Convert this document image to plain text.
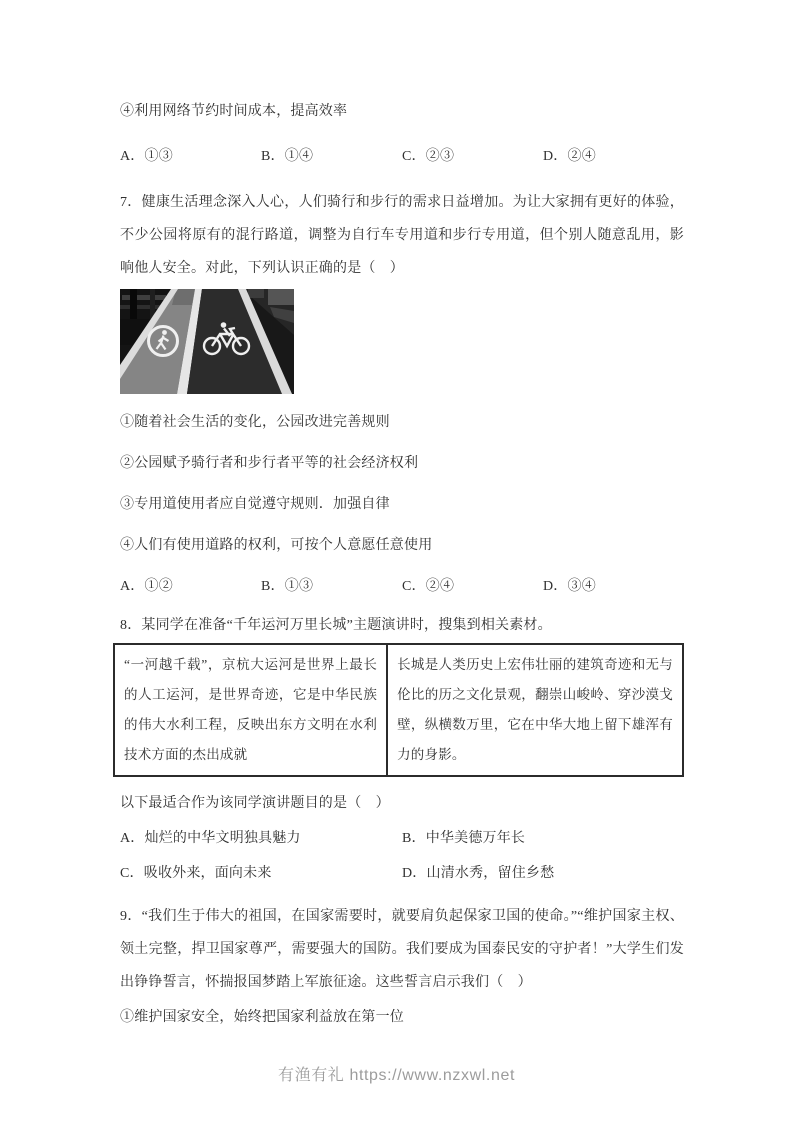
④利用网络节约时间成本，提高效率

A．①③	B．①④	C．②③	D．②④

7．健康生活理念深入人心，人们骑行和步行的需求日益增加。为让大家拥有更好的体验，不少公园将原有的混行路道，调整为自行车专用道和步行专用道，但个别人随意乱用，影响他人安全。对此，下列认识正确的是（　）

①随着社会生活的变化，公园改进完善规则

②公园赋予骑行者和步行者平等的社会经济权利

③专用道使用者应自觉遵守规则．加强自律

④人们有使用道路的权利，可按个人意愿任意使用

A．①②	B．①③	C．②④	D．③④

8．某同学在准备“千年运河万里长城”主题演讲时，搜集到相关素材。

“一河越千载”，京杭大运河是世界上最长的人工运河，是世界奇迹，它是中华民族的伟大水利工程，反映出东方文明在水利技术方面的杰出成就	长城是人类历史上宏伟壮丽的建筑奇迹和无与伦比的历之文化景观，翻崇山峻岭、穿沙漠戈壁，纵横数万里，它在中华大地上留下雄浑有力的身影。

以下最适合作为该同学演讲题目的是（　）

A．灿烂的中华文明独具魅力	B．中华美德万年长
C．吸收外来，面向未来	D．山清水秀，留住乡愁

9．“我们生于伟大的祖国，在国家需要时，就要肩负起保家卫国的使命。”“维护国家主权、领土完整，捍卫国家尊严，需要强大的国防。我们要成为国泰民安的守护者！”大学生们发出铮铮誓言，怀揣报国梦踏上军旅征途。这些誓言启示我们（　）

①维护国家安全，始终把国家利益放在第一位

有渔有礼 https://www.nzxwl.net
